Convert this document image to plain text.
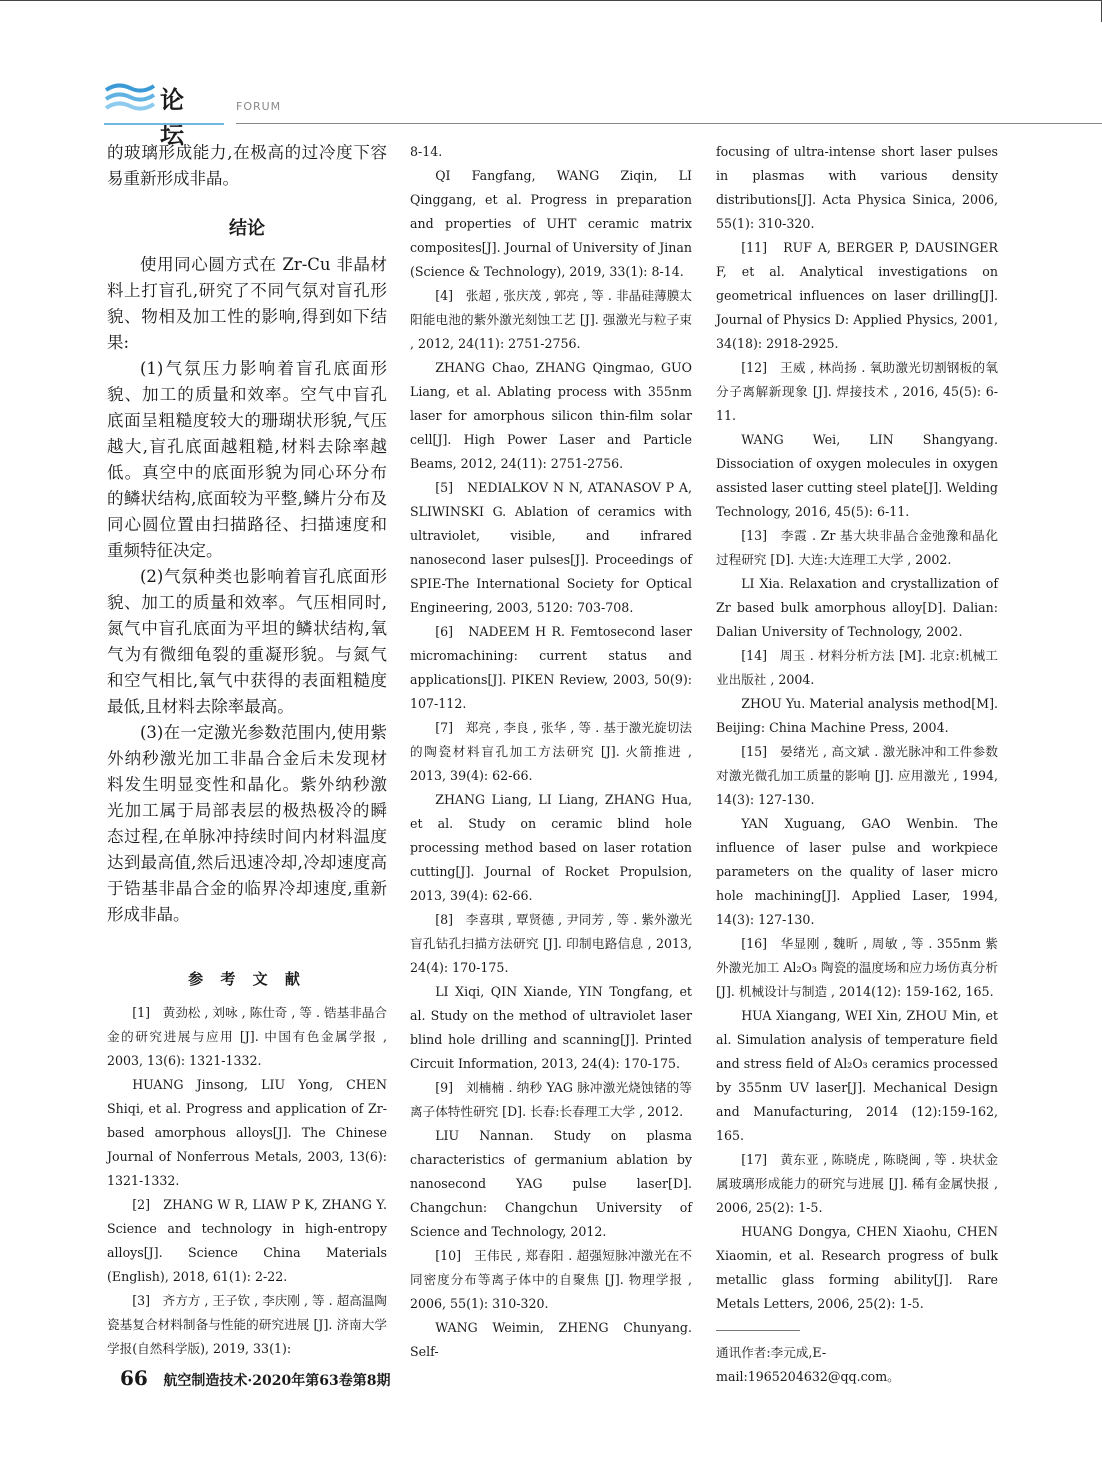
论坛
FORUM

的玻璃形成能力,在极高的过冷度下容易重新形成非晶。

结论

使用同心圆方式在 Zr-Cu 非晶材料上打盲孔,研究了不同气氛对盲孔形貌、物相及加工性的影响,得到如下结果:

(1)气氛压力影响着盲孔底面形貌、加工的质量和效率。空气中盲孔底面呈粗糙度较大的珊瑚状形貌,气压越大,盲孔底面越粗糙,材料去除率越低。真空中的底面形貌为同心环分布的鳞状结构,底面较为平整,鳞片分布及同心圆位置由扫描路径、扫描速度和重频特征决定。

(2)气氛种类也影响着盲孔底面形貌、加工的质量和效率。气压相同时,氮气中盲孔底面为平坦的鳞状结构,氧气为有微细龟裂的重凝形貌。与氮气和空气相比,氧气中获得的表面粗糙度最低,且材料去除率最高。

(3)在一定激光参数范围内,使用紫外纳秒激光加工非晶合金后未发现材料发生明显变性和晶化。紫外纳秒激光加工属于局部表层的极热极冷的瞬态过程,在单脉冲持续时间内材料温度达到最高值,然后迅速冷却,冷却速度高于锆基非晶合金的临界冷却速度,重新形成非晶。

参 考 文 献

[1]　黄劲松 , 刘咏 , 陈仕奇 , 等 . 锆基非晶合金的研究进展与应用 [J]. 中国有色金属学报 , 2003, 13(6): 1321-1332.

HUANG Jinsong, LIU Yong, CHEN Shiqi, et al. Progress and application of Zr-based amorphous alloys[J]. The Chinese Journal of Nonferrous Metals, 2003, 13(6): 1321-1332.

[2]　ZHANG W R, LIAW P K, ZHANG Y. Science and technology in high-entropy alloys[J]. Science China Materials (English), 2018, 61(1): 2-22.

[3]　齐方方 , 王子钦 , 李庆刚 , 等 . 超高温陶瓷基复合材料制备与性能的研究进展 [J]. 济南大学学报(自然科学版), 2019, 33(1):

8-14.

QI Fangfang, WANG Ziqin, LI Qinggang, et al. Progress in preparation and properties of UHT ceramic matrix composites[J]. Journal of University of Jinan (Science & Technology), 2019, 33(1): 8-14.

[4]　张超 , 张庆茂 , 郭亮 , 等 . 非晶硅薄膜太阳能电池的紫外激光刻蚀工艺 [J]. 强激光与粒子束 , 2012, 24(11): 2751-2756.

ZHANG Chao, ZHANG Qingmao, GUO Liang, et al. Ablating process with 355nm laser for amorphous silicon thin-film solar cell[J]. High Power Laser and Particle Beams, 2012, 24(11): 2751-2756.

[5]　NEDIALKOV N N, ATANASOV P A, SLIWINSKI G. Ablation of ceramics with ultraviolet, visible, and infrared nanosecond laser pulses[J]. Proceedings of SPIE-The International Society for Optical Engineering, 2003, 5120: 703-708.

[6]　NADEEM H R. Femtosecond laser micromachining: current status and applications[J]. PIKEN Review, 2003, 50(9): 107-112.

[7]　郑亮 , 李良 , 张华 , 等 . 基于激光旋切法的陶瓷材料盲孔加工方法研究 [J]. 火箭推进 , 2013, 39(4): 62-66.

ZHANG Liang, LI Liang, ZHANG Hua, et al. Study on ceramic blind hole processing method based on laser rotation cutting[J]. Journal of Rocket Propulsion, 2013, 39(4): 62-66.

[8]　李喜琪 , 覃贤德 , 尹同芳 , 等 . 紫外激光盲孔钻孔扫描方法研究 [J]. 印制电路信息 , 2013, 24(4): 170-175.

LI Xiqi, QIN Xiande, YIN Tongfang, et al. Study on the method of ultraviolet laser blind hole drilling and scanning[J]. Printed Circuit Information, 2013, 24(4): 170-175.

[9]　刘楠楠 . 纳秒 YAG 脉冲激光烧蚀锗的等离子体特性研究 [D]. 长春:长春理工大学 , 2012.

LIU Nannan. Study on plasma characteristics of germanium ablation by nanosecond YAG pulse laser[D]. Changchun: Changchun University of Science and Technology, 2012.

[10]　王伟民 , 郑春阳 . 超强短脉冲激光在不同密度分布等离子体中的自聚焦 [J]. 物理学报 , 2006, 55(1): 310-320.

WANG Weimin, ZHENG Chunyang. Self-

focusing of ultra-intense short laser pulses in plasmas with various density distributions[J]. Acta Physica Sinica, 2006, 55(1): 310-320.

[11]　RUF A, BERGER P, DAUSINGER F, et al. Analytical investigations on geometrical influences on laser drilling[J]. Journal of Physics D: Applied Physics, 2001, 34(18): 2918-2925.

[12]　王威 , 林尚扬 . 氧助激光切割钢板的氧分子离解新现象 [J]. 焊接技术 , 2016, 45(5): 6-11.

WANG Wei, LIN Shangyang. Dissociation of oxygen molecules in oxygen assisted laser cutting steel plate[J]. Welding Technology, 2016, 45(5): 6-11.

[13]　李霞 . Zr 基大块非晶合金弛豫和晶化过程研究 [D]. 大连:大连理工大学 , 2002.

LI Xia. Relaxation and crystallization of Zr based bulk amorphous alloy[D]. Dalian: Dalian University of Technology, 2002.

[14]　周玉 . 材料分析方法 [M]. 北京:机械工业出版社 , 2004.

ZHOU Yu. Material analysis method[M]. Beijing: China Machine Press, 2004.

[15]　晏绪光 , 高文斌 . 激光脉冲和工件参数对激光微孔加工质量的影响 [J]. 应用激光 , 1994, 14(3): 127-130.

YAN Xuguang, GAO Wenbin. The influence of laser pulse and workpiece parameters on the quality of laser micro hole machining[J]. Applied Laser, 1994, 14(3): 127-130.

[16]　华显刚 , 魏昕 , 周敏 , 等 . 355nm 紫外激光加工 Al₂O₃ 陶瓷的温度场和应力场仿真分析 [J]. 机械设计与制造 , 2014(12): 159-162, 165.

HUA Xiangang, WEI Xin, ZHOU Min, et al. Simulation analysis of temperature field and stress field of Al₂O₃ ceramics processed by 355nm UV laser[J]. Mechanical Design and Manufacturing, 2014 (12):159-162, 165.

[17]　黄东亚 , 陈晓虎 , 陈晓闽 , 等 . 块状金属玻璃形成能力的研究与进展 [J]. 稀有金属快报 , 2006, 25(2): 1-5.

HUANG Dongya, CHEN Xiaohu, CHEN Xiaomin, et al. Research progress of bulk metallic glass forming ability[J]. Rare Metals Letters, 2006, 25(2): 1-5.

通讯作者:李元成,E-mail:1965204632@qq.com。

66 航空制造技术·2020年第63卷第8期
